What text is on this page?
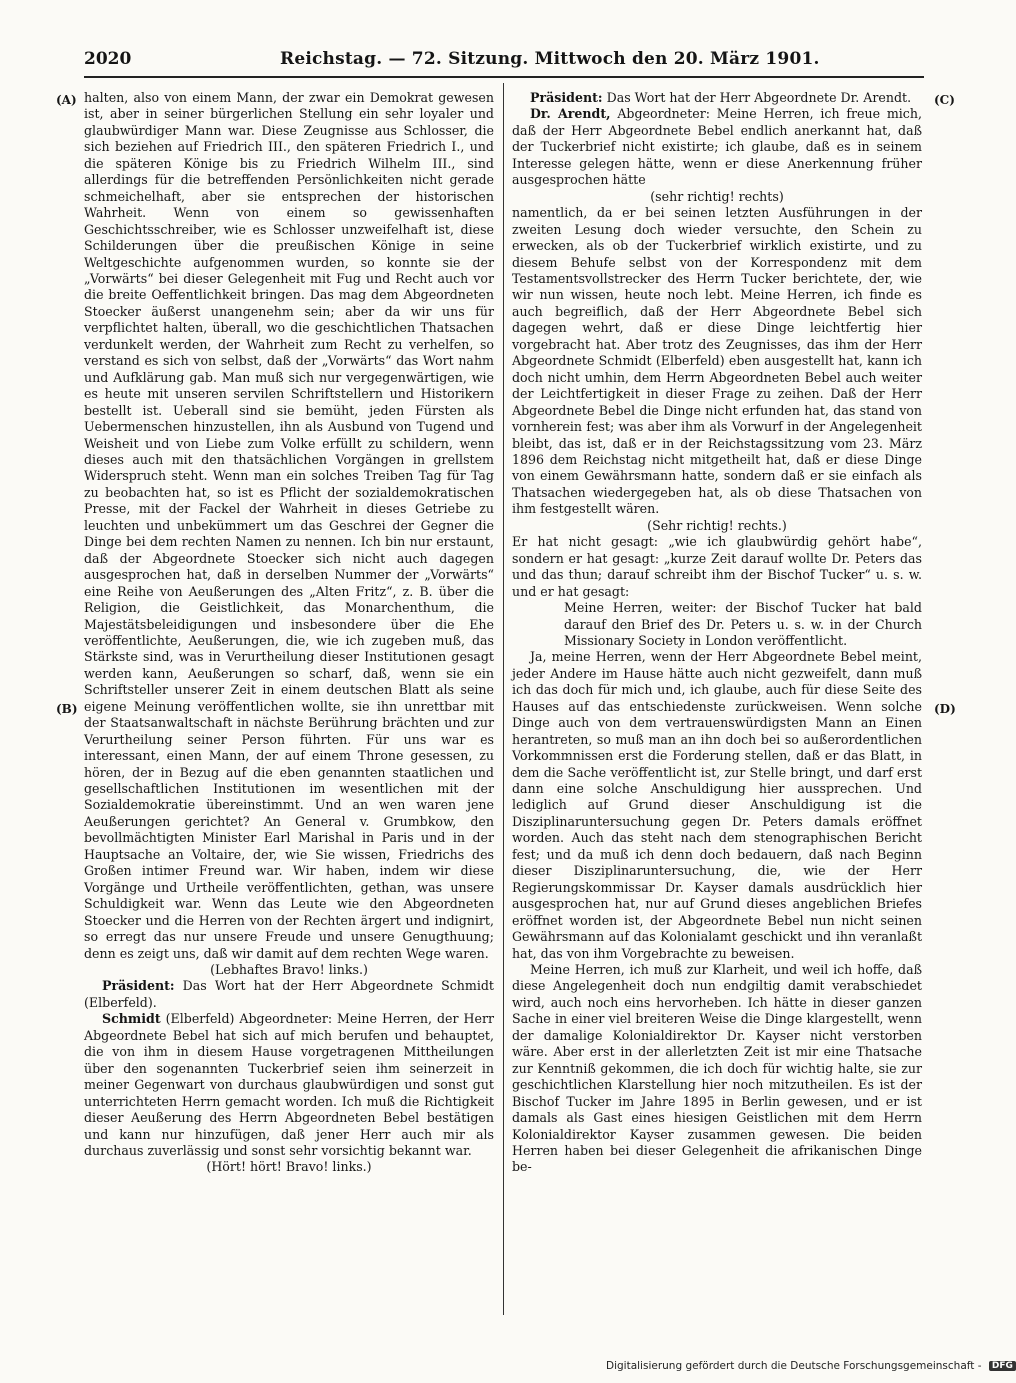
2020	Reichstag. — 72. Sitzung. Mittwoch den 20. März 1901.
(A)
(B)
(C)
(D)

halten, also von einem Mann, der zwar ein Demokrat gewesen ist, aber in seiner bürgerlichen Stellung ein sehr loyaler und glaubwürdiger Mann war. Diese Zeugnisse aus Schlosser, die sich beziehen auf Friedrich III., den späteren Friedrich I., und die späteren Könige bis zu Friedrich Wilhelm III., sind allerdings für die betreffenden Persönlichkeiten nicht gerade schmeichelhaft, aber sie entsprechen der historischen Wahrheit. Wenn von einem so gewissenhaften Geschichtsschreiber, wie es Schlosser unzweifelhaft ist, diese Schilderungen über die preußischen Könige in seine Weltgeschichte aufgenommen wurden, so konnte sie der „Vorwärts“ bei dieser Gelegenheit mit Fug und Recht auch vor die breite Oeffentlichkeit bringen. Das mag dem Abgeordneten Stoecker äußerst unangenehm sein; aber da wir uns für verpflichtet halten, überall, wo die geschichtlichen Thatsachen verdunkelt werden, der Wahrheit zum Recht zu verhelfen, so verstand es sich von selbst, daß der „Vorwärts“ das Wort nahm und Aufklärung gab. Man muß sich nur vergegenwärtigen, wie es heute mit unseren servilen Schriftstellern und Historikern bestellt ist. Ueberall sind sie bemüht, jeden Fürsten als Uebermenschen hinzustellen, ihn als Ausbund von Tugend und Weisheit und von Liebe zum Volke erfüllt zu schildern, wenn dieses auch mit den thatsächlichen Vorgängen in grellstem Widerspruch steht. Wenn man ein solches Treiben Tag für Tag zu beobachten hat, so ist es Pflicht der sozialdemokratischen Presse, mit der Fackel der Wahrheit in dieses Getriebe zu leuchten und unbekümmert um das Geschrei der Gegner die Dinge bei dem rechten Namen zu nennen. Ich bin nur erstaunt, daß der Abgeordnete Stoecker sich nicht auch dagegen ausgesprochen hat, daß in derselben Nummer der „Vorwärts“ eine Reihe von Aeußerungen des „Alten Fritz“, z. B. über die Religion, die Geistlichkeit, das Monarchenthum, die Majestätsbeleidigungen und insbesondere über die Ehe veröffentlichte, Aeußerungen, die, wie ich zugeben muß, das Stärkste sind, was in Verurtheilung dieser Institutionen gesagt werden kann, Aeußerungen so scharf, daß, wenn sie ein Schriftsteller unserer Zeit in einem deutschen Blatt als seine eigene Meinung veröffentlichen wollte, sie ihn unrettbar mit der Staatsanwaltschaft in nächste Berührung brächten und zur Verurtheilung seiner Person führten. Für uns war es interessant, einen Mann, der auf einem Throne gesessen, zu hören, der in Bezug auf die eben genannten staatlichen und gesellschaftlichen Institutionen im wesentlichen mit der Sozialdemokratie übereinstimmt. Und an wen waren jene Aeußerungen gerichtet? An General v. Grumbkow, den bevollmächtigten Minister Earl Marishal in Paris und in der Hauptsache an Voltaire, der, wie Sie wissen, Friedrichs des Großen intimer Freund war. Wir haben, indem wir diese Vorgänge und Urtheile veröffentlichten, gethan, was unsere Schuldigkeit war. Wenn das Leute wie den Abgeordneten Stoecker und die Herren von der Rechten ärgert und indignirt, so erregt das nur unsere Freude und unsere Genugthuung; denn es zeigt uns, daß wir damit auf dem rechten Wege waren.

(Lebhaftes Bravo! links.)

Präsident: Das Wort hat der Herr Abgeordnete Schmidt (Elberfeld).

Schmidt (Elberfeld) Abgeordneter: Meine Herren, der Herr Abgeordnete Bebel hat sich auf mich berufen und behauptet, die von ihm in diesem Hause vorgetragenen Mittheilungen über den sogenannten Tuckerbrief seien ihm seinerzeit in meiner Gegenwart von durchaus glaubwürdigen und sonst gut unterrichteten Herrn gemacht worden. Ich muß die Richtigkeit dieser Aeußerung des Herrn Abgeordneten Bebel bestätigen und kann nur hinzufügen, daß jener Herr auch mir als durchaus zuverlässig und sonst sehr vorsichtig bekannt war.

(Hört! hört! Bravo! links.)

Präsident: Das Wort hat der Herr Abgeordnete Dr. Arendt.

Dr. Arendt, Abgeordneter: Meine Herren, ich freue mich, daß der Herr Abgeordnete Bebel endlich anerkannt hat, daß der Tuckerbrief nicht existirte; ich glaube, daß es in seinem Interesse gelegen hätte, wenn er diese Anerkennung früher ausgesprochen hätte

(sehr richtig! rechts)

namentlich, da er bei seinen letzten Ausführungen in der zweiten Lesung doch wieder versuchte, den Schein zu erwecken, als ob der Tuckerbrief wirklich existirte, und zu diesem Behufe selbst von der Korrespondenz mit dem Testamentsvollstrecker des Herrn Tucker berichtete, der, wie wir nun wissen, heute noch lebt. Meine Herren, ich finde es auch begreiflich, daß der Herr Abgeordnete Bebel sich dagegen wehrt, daß er diese Dinge leichtfertig hier vorgebracht hat. Aber trotz des Zeugnisses, das ihm der Herr Abgeordnete Schmidt (Elberfeld) eben ausgestellt hat, kann ich doch nicht umhin, dem Herrn Abgeordneten Bebel auch weiter der Leichtfertigkeit in dieser Frage zu zeihen. Daß der Herr Abgeordnete Bebel die Dinge nicht erfunden hat, das stand von vornherein fest; was aber ihm als Vorwurf in der Angelegenheit bleibt, das ist, daß er in der Reichstagssitzung vom 23. März 1896 dem Reichstag nicht mitgetheilt hat, daß er diese Dinge von einem Gewährsmann hatte, sondern daß er sie einfach als Thatsachen wiedergegeben hat, als ob diese Thatsachen von ihm festgestellt wären.

(Sehr richtig! rechts.)

Er hat nicht gesagt: „wie ich glaubwürdig gehört habe“, sondern er hat gesagt: „kurze Zeit darauf wollte Dr. Peters das und das thun; darauf schreibt ihm der Bischof Tucker“ u. s. w. und er hat gesagt:

Meine Herren, weiter: der Bischof Tucker hat bald darauf den Brief des Dr. Peters u. s. w. in der Church Missionary Society in London veröffentlicht.

Ja, meine Herren, wenn der Herr Abgeordnete Bebel meint, jeder Andere im Hause hätte auch nicht gezweifelt, dann muß ich das doch für mich und, ich glaube, auch für diese Seite des Hauses auf das entschiedenste zurückweisen. Wenn solche Dinge auch von dem vertrauenswürdigsten Mann an Einen herantreten, so muß man an ihn doch bei so außerordentlichen Vorkommnissen erst die Forderung stellen, daß er das Blatt, in dem die Sache veröffentlicht ist, zur Stelle bringt, und darf erst dann eine solche Anschuldigung hier aussprechen. Und lediglich auf Grund dieser Anschuldigung ist die Disziplinaruntersuchung gegen Dr. Peters damals eröffnet worden. Auch das steht nach dem stenographischen Bericht fest; und da muß ich denn doch bedauern, daß nach Beginn dieser Disziplinaruntersuchung, die, wie der Herr Regierungskommissar Dr. Kayser damals ausdrücklich hier ausgesprochen hat, nur auf Grund dieses angeblichen Briefes eröffnet worden ist, der Abgeordnete Bebel nun nicht seinen Gewährsmann auf das Kolonialamt geschickt und ihn veranlaßt hat, das von ihm Vorgebrachte zu beweisen.

Meine Herren, ich muß zur Klarheit, und weil ich hoffe, daß diese Angelegenheit doch nun endgiltig damit verabschiedet wird, auch noch eins hervorheben. Ich hätte in dieser ganzen Sache in einer viel breiteren Weise die Dinge klargestellt, wenn der damalige Kolonialdirektor Dr. Kayser nicht verstorben wäre. Aber erst in der allerletzten Zeit ist mir eine Thatsache zur Kenntniß gekommen, die ich doch für wichtig halte, sie zur geschichtlichen Klarstellung hier noch mitzutheilen. Es ist der Bischof Tucker im Jahre 1895 in Berlin gewesen, und er ist damals als Gast eines hiesigen Geistlichen mit dem Herrn Kolonialdirektor Kayser zusammen gewesen. Die beiden Herren haben bei dieser Gelegenheit die afrikanischen Dinge be-

Digitalisierung gefördert durch die Deutsche Forschungsgemeinschaft - DFG
